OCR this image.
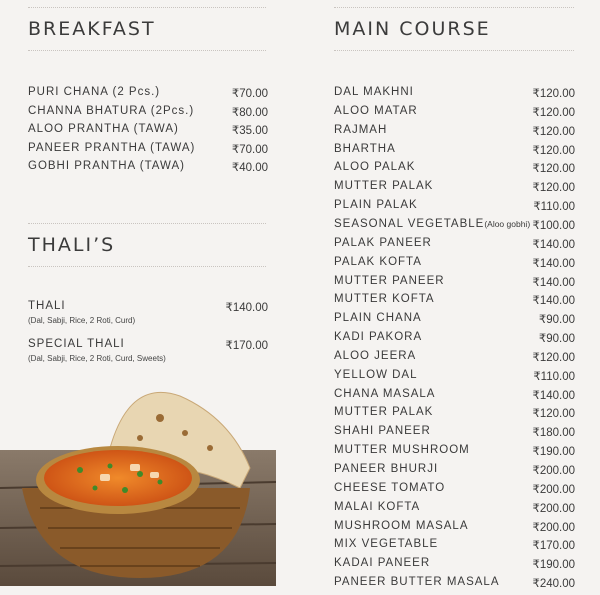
BREAKFAST
PURI CHANA (2 Pcs.)	₹70.00
CHANNA BHATURA (2Pcs.)	₹80.00
ALOO PRANTHA (TAWA)	₹35.00
PANEER PRANTHA (TAWA)	₹70.00
GOBHI PRANTHA (TAWA)	₹40.00
THALI’S
THALI	₹140.00
(Dal, Sabji, Rice, 2 Roti, Curd)
SPECIAL THALI	₹170.00
(Dal, Sabji, Rice, 2 Roti, Curd, Sweets)
MAIN COURSE
DAL MAKHNI	₹120.00
ALOO MATAR	₹120.00
RAJMAH	₹120.00
BHARTHA	₹120.00
ALOO PALAK	₹120.00
MUTTER PALAK	₹120.00
PLAIN PALAK	₹110.00
SEASONAL VEGETABLE(Aloo gobhi) ₹100.00
PALAK PANEER	₹140.00
PALAK KOFTA	₹140.00
MUTTER PANEER	₹140.00
MUTTER KOFTA	₹140.00
PLAIN CHANA	₹90.00
KADI PAKORA	₹90.00
ALOO JEERA	₹120.00
YELLOW DAL	₹110.00
CHANA MASALA	₹140.00
MUTTER PALAK	₹120.00
SHAHI PANEER	₹180.00
MUTTER MUSHROOM	₹190.00
PANEER BHURJI	₹200.00
CHEESE TOMATO	₹200.00
MALAI KOFTA	₹200.00
MUSHROOM MASALA	₹200.00
MIX VEGETABLE	₹170.00
KADAI PANEER	₹190.00
PANEER BUTTER MASALA	₹240.00
